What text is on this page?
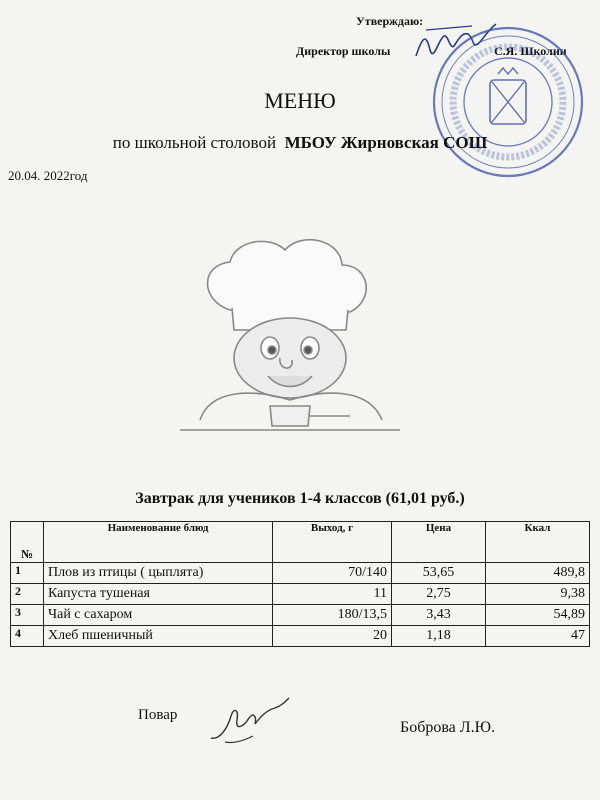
Утверждаю:
Директор школы	С.Я. Школин
МЕНЮ
по школьной столовой МБОУ Жирновская СОШ
20.04. 2022год
Завтрак для учеников 1-4 классов (61,01 руб.)
№	Наименование блюд	Выход, г	Цена	Ккал
1	Плов из птицы ( цыплята)	70/140	53,65	489,8
2	Капуста тушеная	11	2,75	9,38
3	Чай с сахаром	180/13,5	3,43	54,89
4	Хлеб пшеничный	20	1,18	47
Повар
Боброва Л.Ю.
